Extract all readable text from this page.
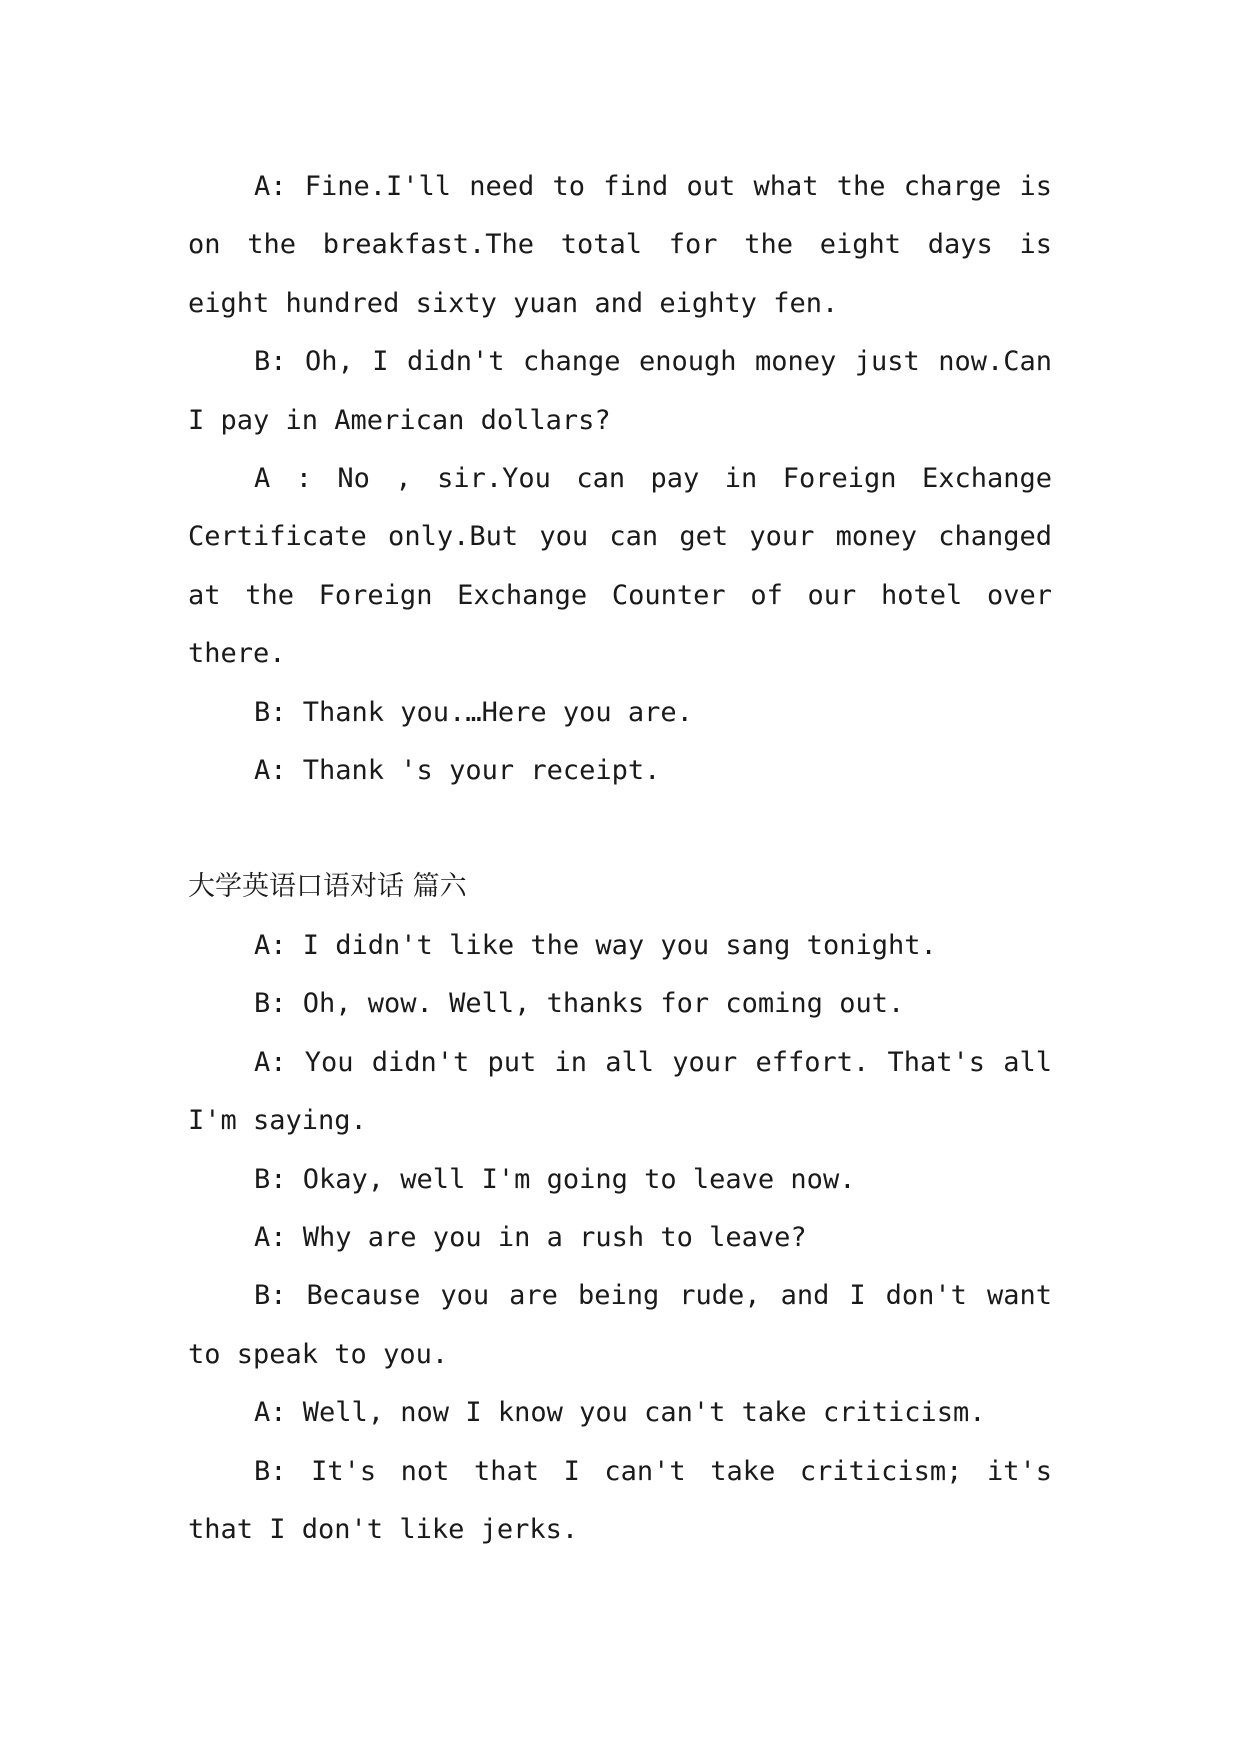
A: Fine.I'll need to find out what the charge is on the breakfast.The total for the eight days is eight hundred sixty yuan and eighty fen.

B: Oh, I didn't change enough money just now.Can I pay in American dollars?

A : No , sir.You can pay in Foreign Exchange Certificate only.But you can get your money changed at the Foreign Exchange Counter of our hotel over there.

B: Thank you.…Here you are.

A: Thank 's your receipt.

大学英语口语对话 篇六

A: I didn't like the way you sang tonight.

B: Oh, wow. Well, thanks for coming out.

A: You didn't put in all your effort. That's all I'm saying.

B: Okay, well I'm going to leave now.

A: Why are you in a rush to leave?

B: Because you are being rude, and I don't want to speak to you.

A: Well, now I know you can't take criticism.

B: It's not that I can't take criticism; it's that I don't like jerks.
